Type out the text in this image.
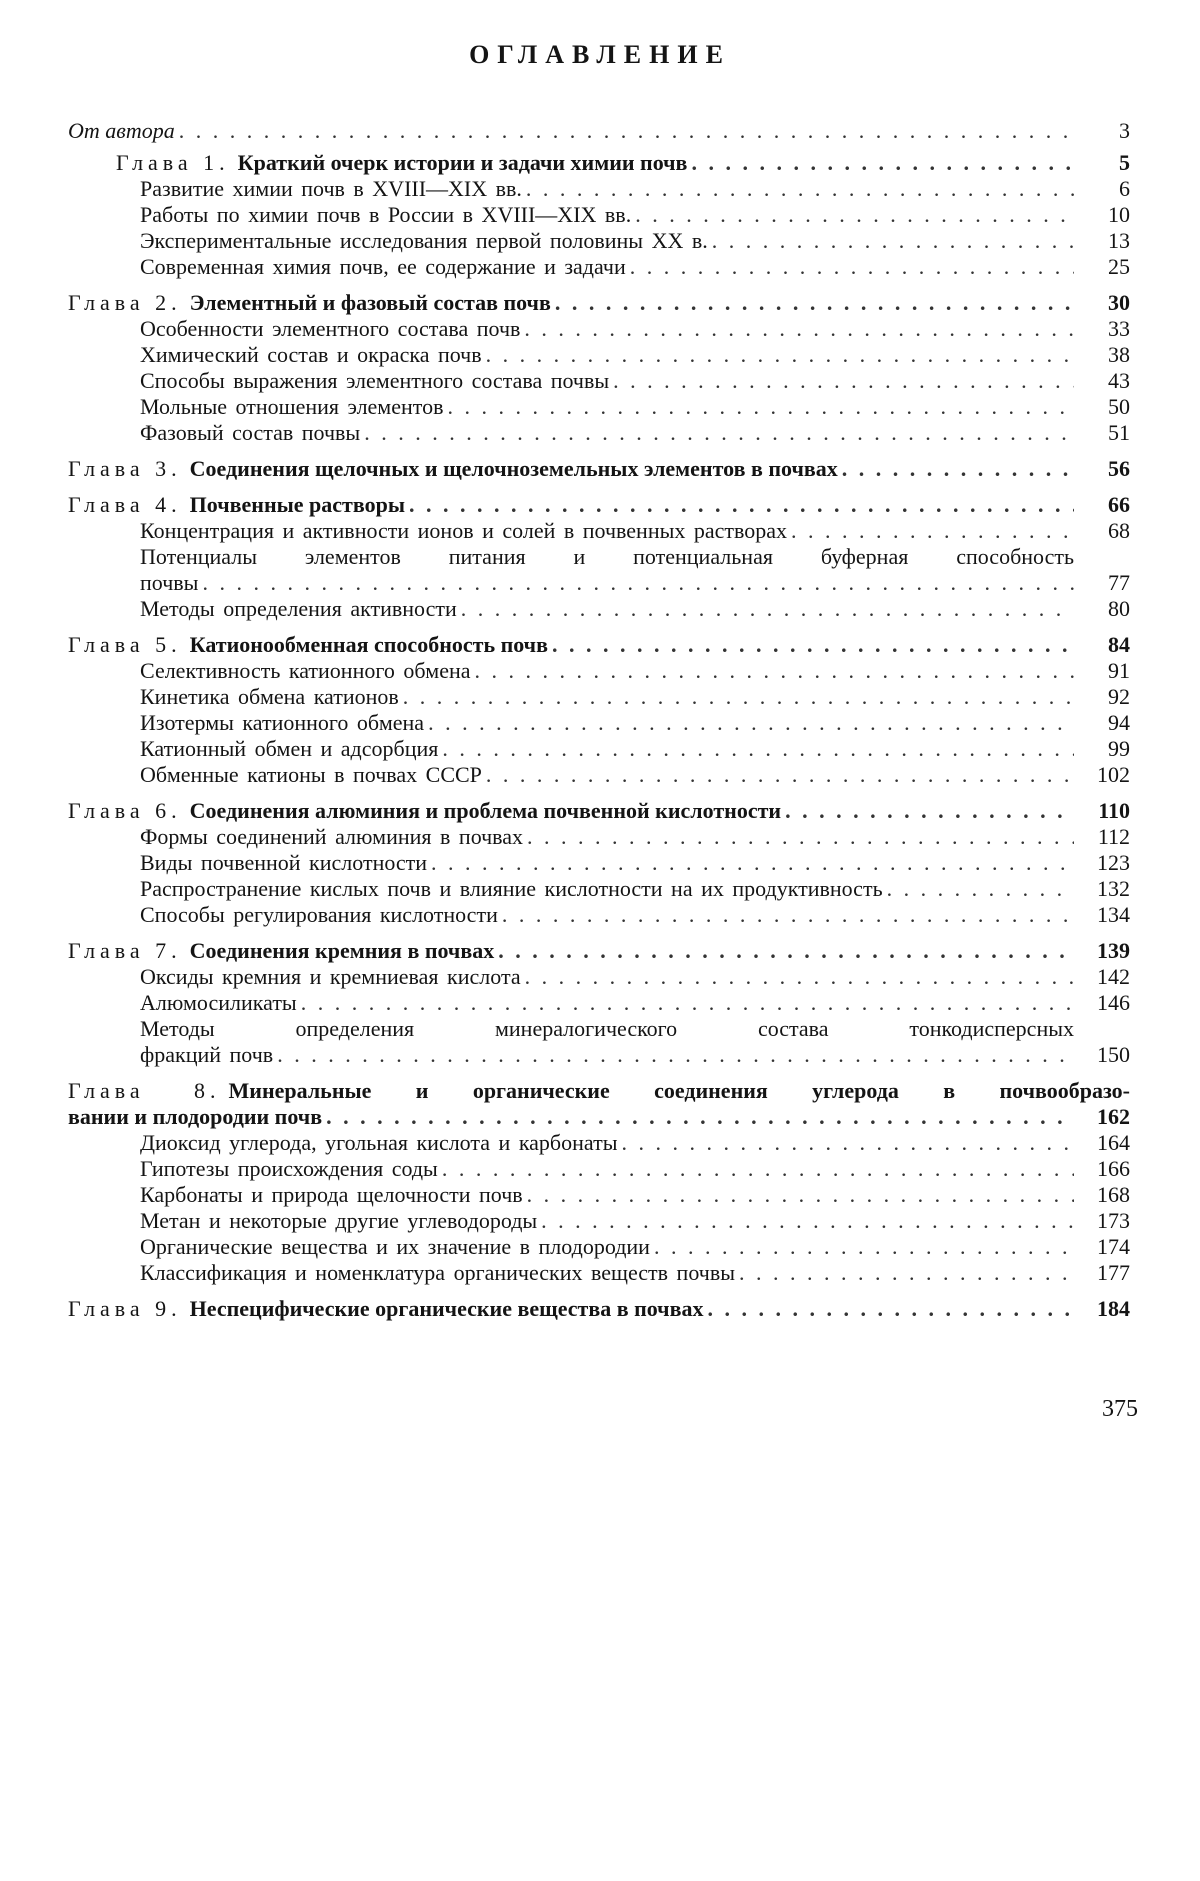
ОГЛАВЛЕНИЕ
От автора . . .	3
Глава 1. Краткий очерк истории и задачи химии почв . . .	5
Развитие химии почв в XVIII—XIX вв. . . .	6
Работы по химии почв в России в XVIII—XIX вв. . . .	10
Экспериментальные исследования первой половины XX в. . . .	13
Современная химия почв, ее содержание и задачи . . .	25
Глава 2. Элементный и фазовый состав почв . . .	30
Особенности элементного состава почв . . .	33
Химический состав и окраска почв . . .	38
Способы выражения элементного состава почвы . . .	43
Мольные отношения элементов . . .	50
Фазовый состав почвы . . .	51
Глава 3. Соединения щелочных и щелочноземельных элементов в почвах . . .	56
Глава 4. Почвенные растворы . . .	66
Концентрация и активности ионов и солей в почвенных растворах . . .	68
Потенциалы элементов питания и потенциальная буферная способность
почвы . . .	77
Методы определения активности . . .	80
Глава 5. Катионообменная способность почв . . .	84
Селективность катионного обмена . . .	91
Кинетика обмена катионов . . .	92
Изотермы катионного обмена . . .	94
Катионный обмен и адсорбция . . .	99
Обменные катионы в почвах СССР . . .	102
Глава 6. Соединения алюминия и проблема почвенной кислотности . . .	110
Формы соединений алюминия в почвах . . .	112
Виды почвенной кислотности . . .	123
Распространение кислых почв и влияние кислотности на их продуктивность . . .	132
Способы регулирования кислотности . . .	134
Глава 7. Соединения кремния в почвах . . .	139
Оксиды кремния и кремниевая кислота . . .	142
Алюмосиликаты . . .	146
Методы определения минералогического состава тонкодисперсных
фракций почв . . .	150
Глава 8. Минеральные и органические соединения углерода в почвообразо-
вании и плодородии почв . . .	162
Диоксид углерода, угольная кислота и карбонаты . . .	164
Гипотезы происхождения соды . . .	166
Карбонаты и природа щелочности почв . . .	168
Метан и некоторые другие углеводороды . . .	173
Органические вещества и их значение в плодородии . . .	174
Классификация и номенклатура органических веществ почвы . . .	177
Глава 9. Неспецифические органические вещества в почвах . . .	184
375
